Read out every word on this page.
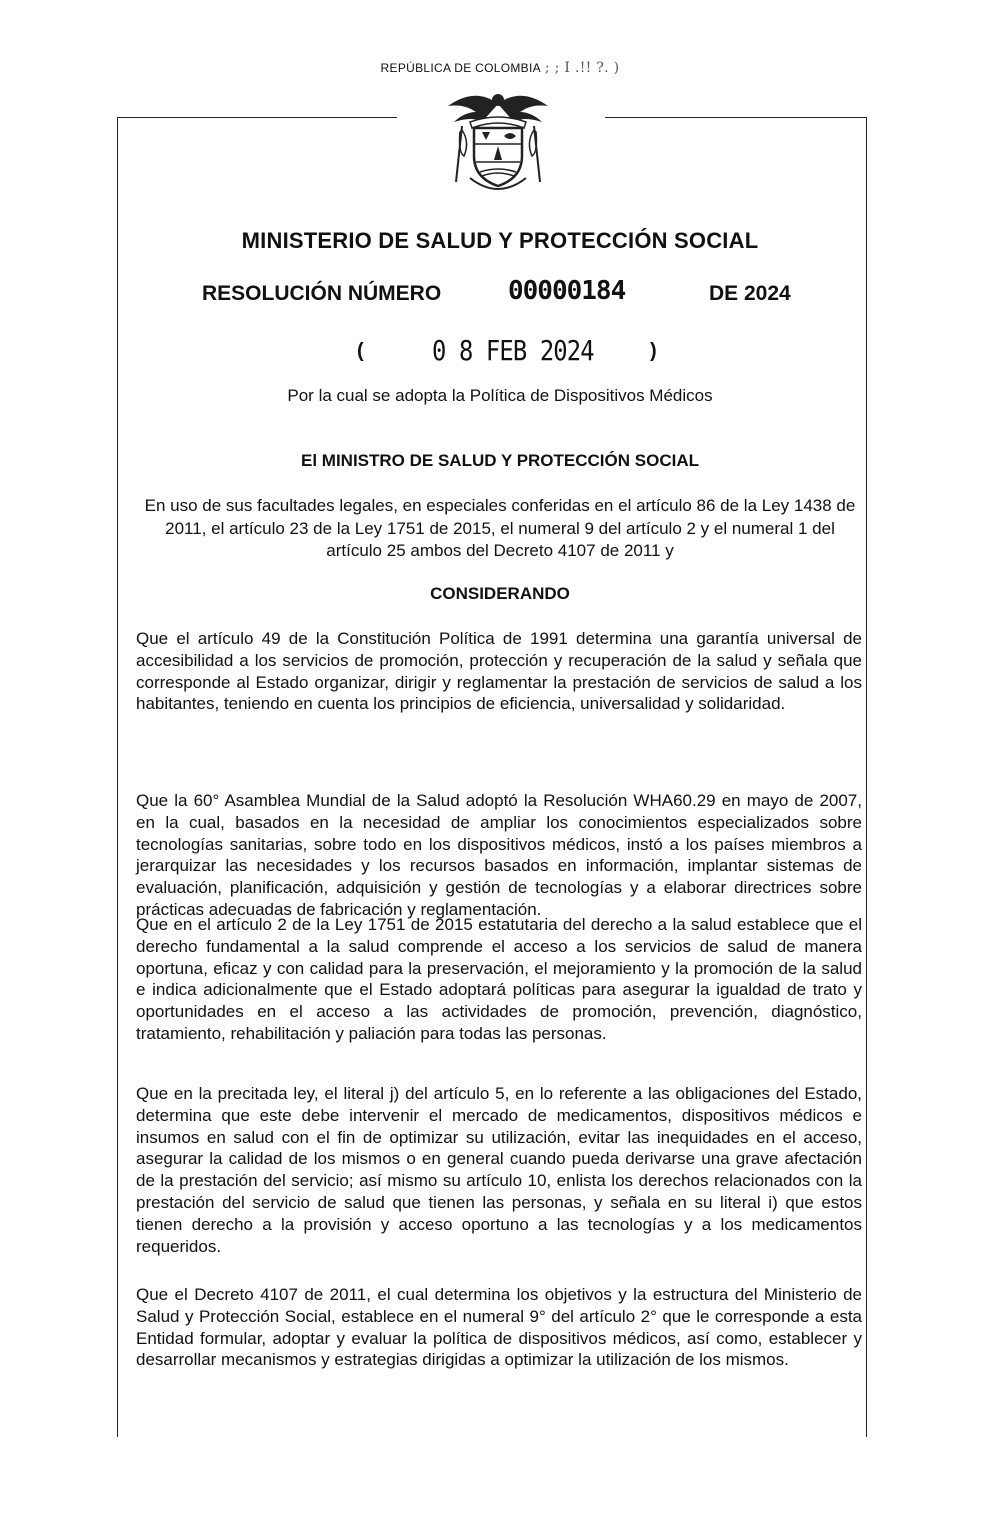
REPÚBLICA DE COLOMBIA ; ; I .!! ?. )
MINISTERIO DE SALUD Y PROTECCIÓN SOCIAL
RESOLUCIÓN NÚMERO	00000184	DE 2024
( 0 8 FEB 2024	)
Por la cual se adopta la Política de Dispositivos Médicos
El MINISTRO DE SALUD Y PROTECCIÓN SOCIAL
En uso de sus facultades legales, en especiales conferidas en el artículo 86 de la Ley 1438 de 2011, el artículo 23 de la Ley 1751 de 2015, el numeral 9 del artículo 2 y el numeral 1 del artículo 25 ambos del Decreto 4107 de 2011 y
CONSIDERANDO

Que el artículo 49 de la Constitución Política de 1991 determina una garantía universal de accesibilidad a los servicios de promoción, protección y recuperación de la salud y señala que corresponde al Estado organizar, dirigir y reglamentar la prestación de servicios de salud a los habitantes, teniendo en cuenta los principios de eficiencia, universalidad y solidaridad.

Que la 60° Asamblea Mundial de la Salud adoptó la Resolución WHA60.29 en mayo de 2007, en la cual, basados en la necesidad de ampliar los conocimientos especializados sobre tecnologías sanitarias, sobre todo en los dispositivos médicos, instó a los países miembros a jerarquizar las necesidades y los recursos basados en información, implantar sistemas de evaluación, planificación, adquisición y gestión de tecnologías y a elaborar directrices sobre prácticas adecuadas de fabricación y reglamentación.

Que en el artículo 2 de la Ley 1751 de 2015 estatutaria del derecho a la salud establece que el derecho fundamental a la salud comprende el acceso a los servicios de salud de manera oportuna, eficaz y con calidad para la preservación, el mejoramiento y la promoción de la salud e indica adicionalmente que el Estado adoptará políticas para asegurar la igualdad de trato y oportunidades en el acceso a las actividades de promoción, prevención, diagnóstico, tratamiento, rehabilitación y paliación para todas las personas.

Que en la precitada ley, el literal j) del artículo 5, en lo referente a las obligaciones del Estado, determina que este debe intervenir el mercado de medicamentos, dispositivos médicos e insumos en salud con el fin de optimizar su utilización, evitar las inequidades en el acceso, asegurar la calidad de los mismos o en general cuando pueda derivarse una grave afectación de la prestación del servicio; así mismo su artículo 10, enlista los derechos relacionados con la prestación del servicio de salud que tienen las personas, y señala en su literal i) que estos tienen derecho a la provisión y acceso oportuno a las tecnologías y a los medicamentos requeridos.

Que el Decreto 4107 de 2011, el cual determina los objetivos y la estructura del Ministerio de Salud y Protección Social, establece en el numeral 9° del artículo 2° que le corresponde a esta Entidad formular, adoptar y evaluar la política de dispositivos médicos, así como, establecer y desarrollar mecanismos y estrategias dirigidas a optimizar la utilización de los mismos.
